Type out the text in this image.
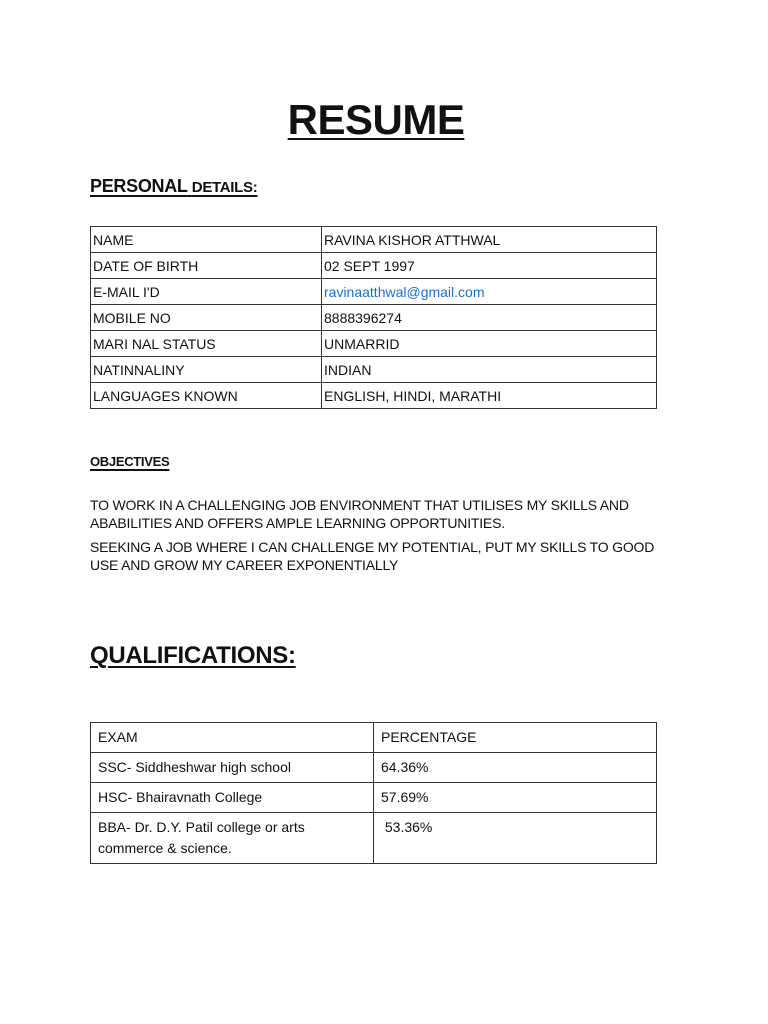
RESUME
PERSONAL DETAILS:
NAME	RAVINA KISHOR ATTHWAL
DATE OF BIRTH	02 SEPT 1997
E-MAIL I'D	ravinaatthwal@gmail.com
MOBILE NO	8888396274
MARI NAL STATUS	UNMARRID
NATINNALINY	INDIAN
LANGUAGES KNOWN	ENGLISH, HINDI, MARATHI
OBJECTIVES
TO WORK IN A CHALLENGING JOB ENVIRONMENT THAT UTILISES MY SKILLS AND ABABILITIES AND OFFERS AMPLE LEARNING OPPORTUNITIES.
SEEKING A JOB WHERE I CAN CHALLENGE MY POTENTIAL, PUT MY SKILLS TO GOOD USE AND GROW MY CAREER EXPONENTIALLY
QUALIFICATIONS:
EXAM	PERCENTAGE
SSC- Siddheshwar high school	64.36%
HSC- Bhairavnath College	57.69%
BBA- Dr. D.Y. Patil college or arts commerce & science.	53.36%
